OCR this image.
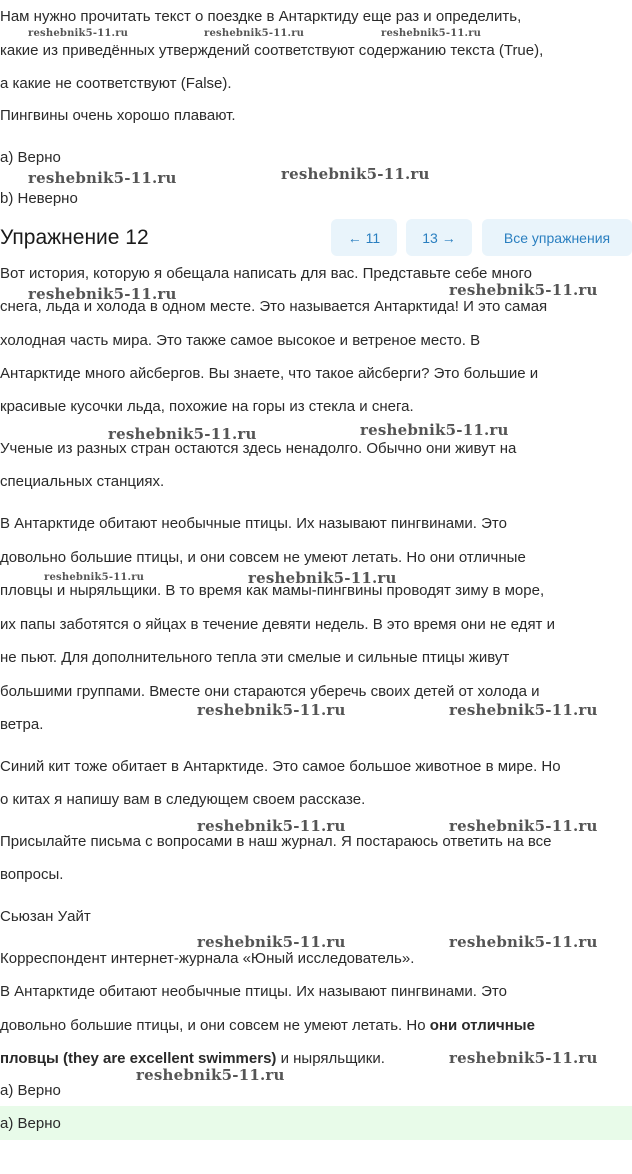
Нам нужно прочитать текст о поездке в Антарктиду еще раз и определить,

какие из приведённых утверждений соответствуют содержанию текста (True),

а какие не соответствуют (False).

Пингвины очень хорошо плавают.

a) Верно

b) Неверно

Упражнение 12	← 11	13 →	Все упражнения

Вот история, которую я обещала написать для вас. Представьте себе много

снега, льда и холода в одном месте. Это называется Антарктида! И это самая

холодная часть мира. Это также самое высокое и ветреное место. В

Антарктиде много айсбергов. Вы знаете, что такое айсберги? Это большие и

красивые кусочки льда, похожие на горы из стекла и снега.

Ученые из разных стран остаются здесь ненадолго. Обычно они живут на

специальных станциях.

В Антарктиде обитают необычные птицы. Их называют пингвинами. Это

довольно большие птицы, и они совсем не умеют летать. Но они отличные

пловцы и ныряльщики. В то время как мамы-пингвины проводят зиму в море,

их папы заботятся о яйцах в течение девяти недель. В это время они не едят и

не пьют. Для дополнительного тепла эти смелые и сильные птицы живут

большими группами. Вместе они стараются уберечь своих детей от холода и

ветра.

Синий кит тоже обитает в Антарктиде. Это самое большое животное в мире. Но

о китах я напишу вам в следующем своем рассказе.

Присылайте письма с вопросами в наш журнал. Я постараюсь ответить на все

вопросы.

Сьюзан Уайт

Корреспондент интернет-журнала «Юный исследователь».

В Антарктиде обитают необычные птицы. Их называют пингвинами. Это

довольно большие птицы, и они совсем не умеют летать. Но они отличные

пловцы (they are excellent swimmers) и ныряльщики.

а) Верно

а) Верно
reshebnik5-11.ru	reshebnik5-11.ru	reshebnik5-11.ru
reshebnik5-11.ru	reshebnik5-11.ru
reshebnik5-11.ru	reshebnik5-11.ru
reshebnik5-11.ru	reshebnik5-11.ru
reshebnik5-11.ru	reshebnik5-11.ru
reshebnik5-11.ru	reshebnik5-11.ru
reshebnik5-11.ru	reshebnik5-11.ru
reshebnik5-11.ru	reshebnik5-11.ru
reshebnik5-11.ru
reshebnik5-11.ru
